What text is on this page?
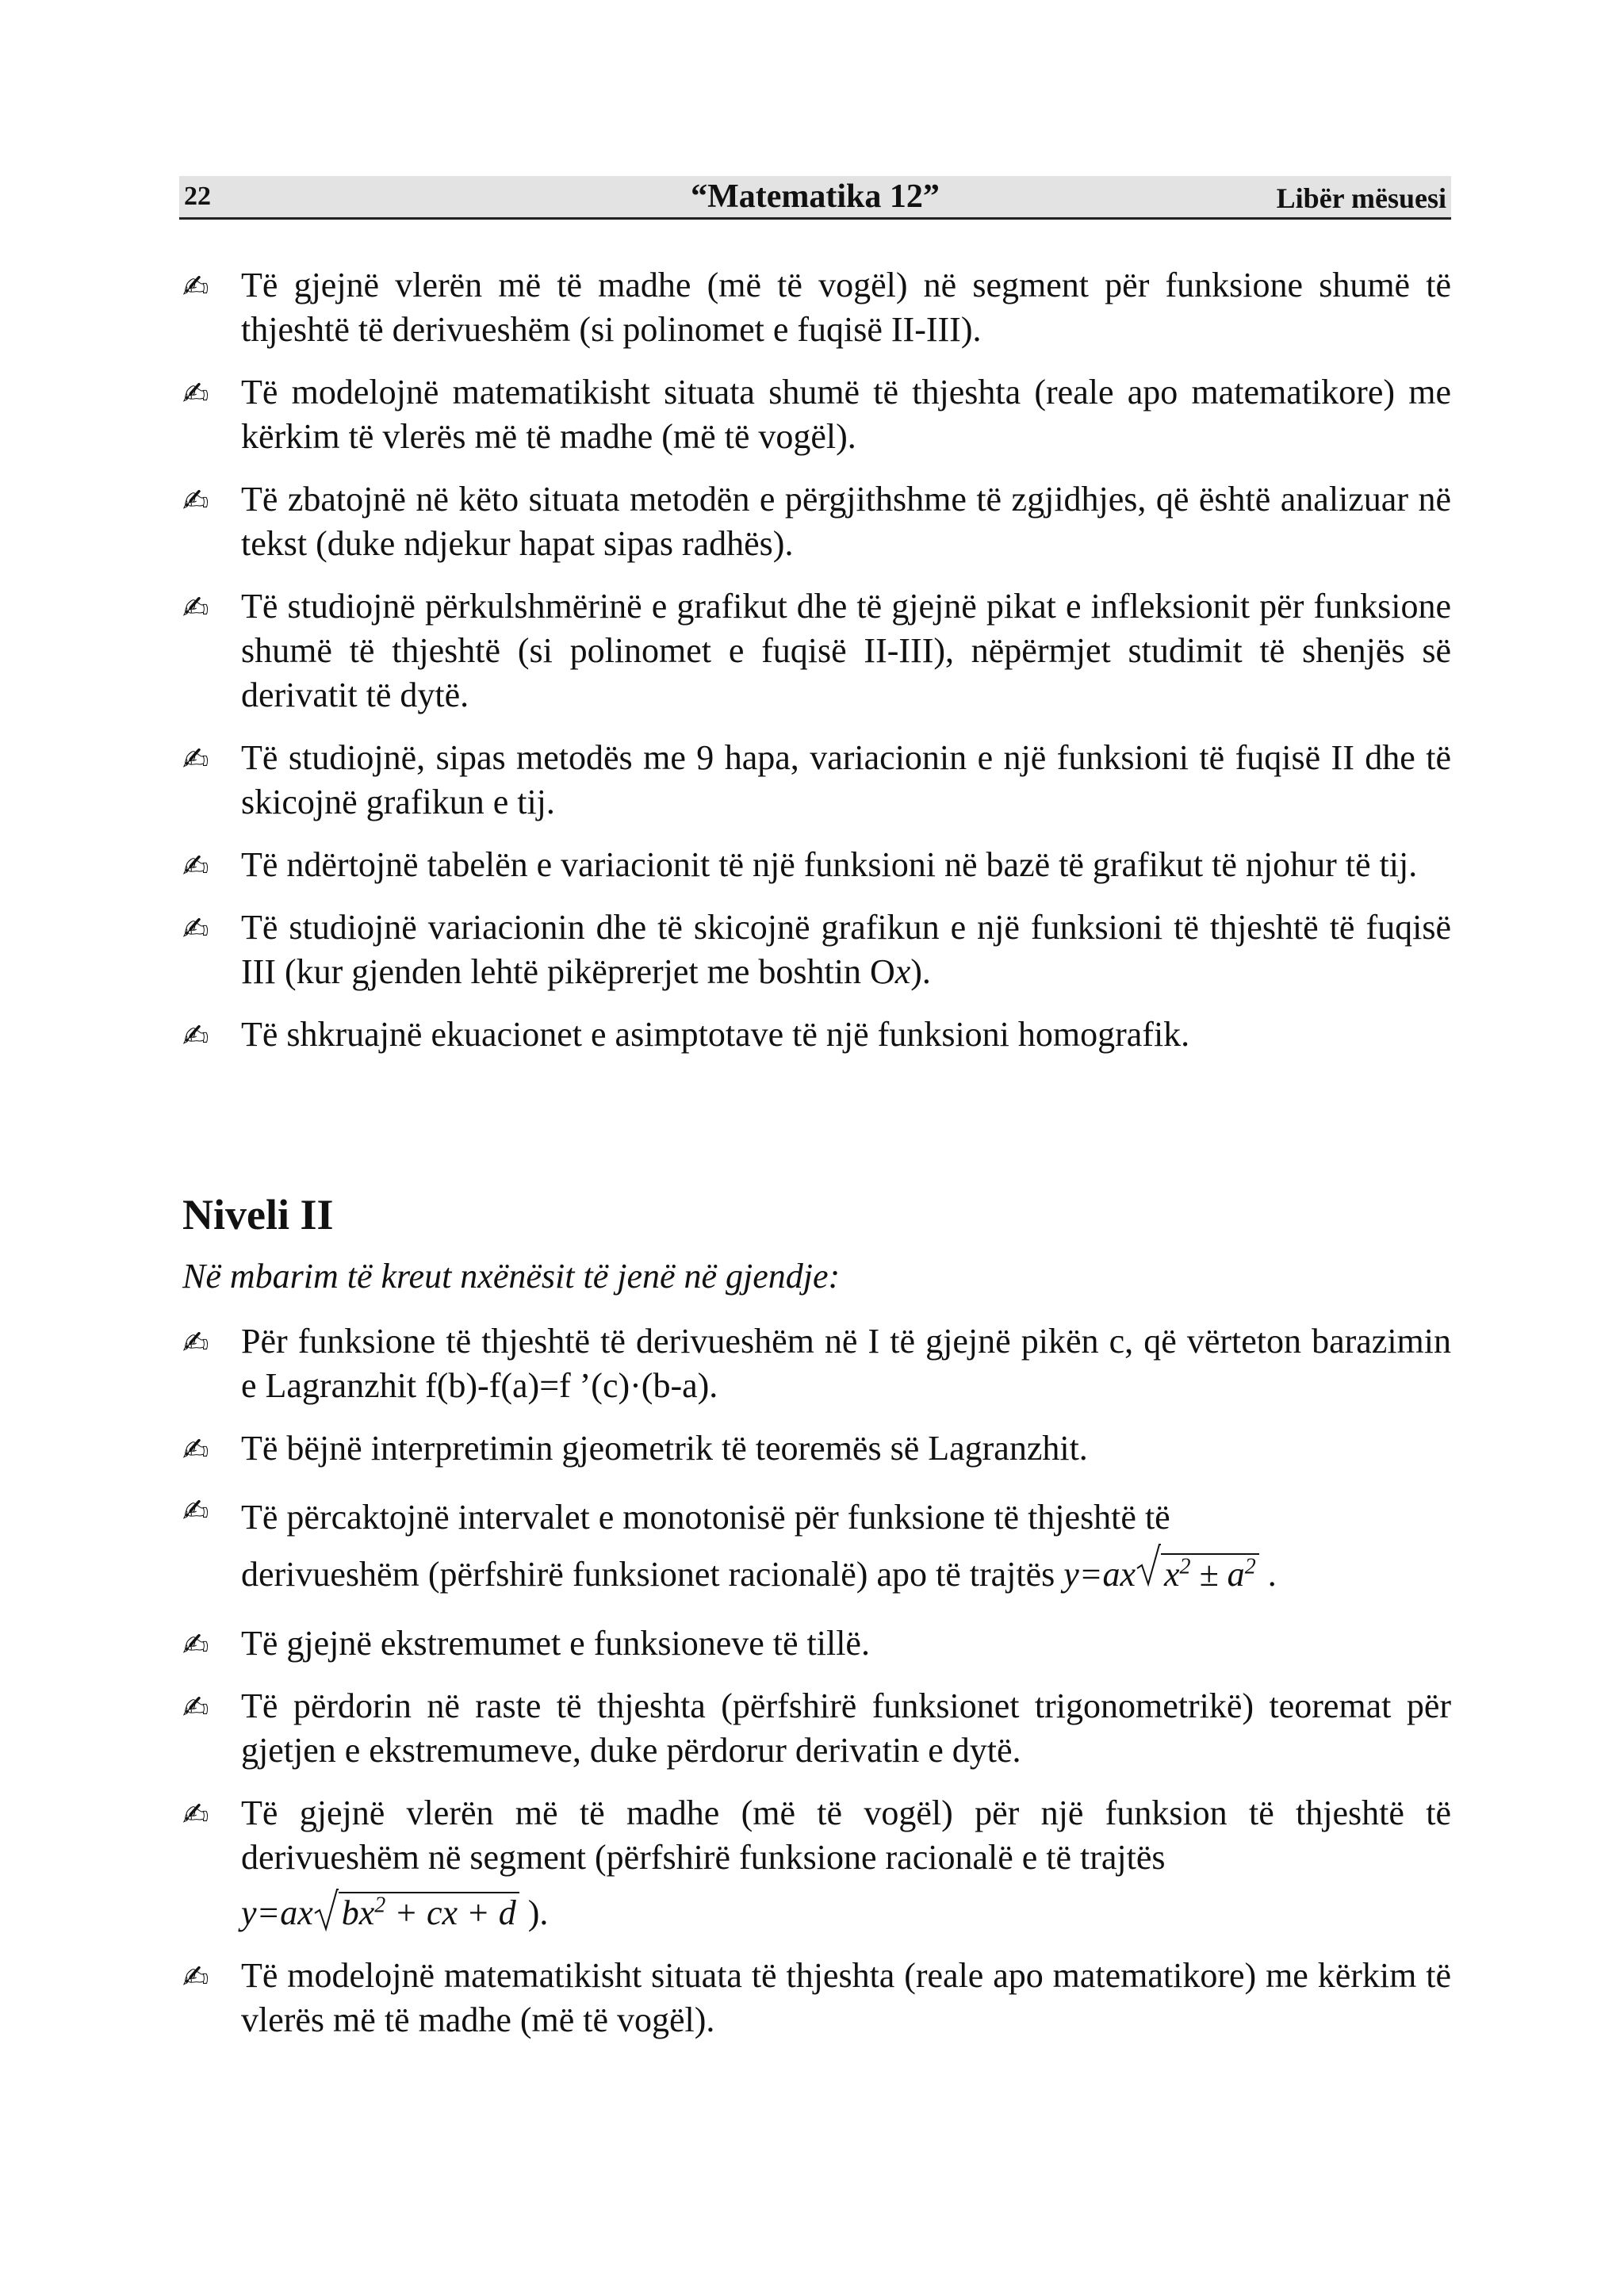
22	“Matematika 12”	Libër mësuesi
✍ Të gjejnë vlerën më të madhe (më të vogël) në segment për funksione shumë të thjeshtë të derivueshëm (si polinomet e fuqisë II-III).
✍ Të modelojnë matematikisht situata shumë të thjeshta (reale apo matematikore) me kërkim të vlerës më të madhe (më të vogël).
✍ Të zbatojnë në këto situata metodën e përgjithshme të zgjidhjes, që është analizuar në tekst (duke ndjekur hapat sipas radhës).
✍ Të studiojnë përkulshmërinë e grafikut dhe të gjejnë pikat e infleksionit për funksione shumë të thjeshtë (si polinomet e fuqisë II-III), nëpërmjet studimit të shenjës së derivatit të dytë.
✍ Të studiojnë, sipas metodës me 9 hapa, variacionin e një funksioni të fuqisë II dhe të skicojnë grafikun e tij.
✍ Të ndërtojnë tabelën e variacionit të një funksioni në bazë të grafikut të njohur të tij.
✍ Të studiojnë variacionin dhe të skicojnë grafikun e një funksioni të thjeshtë të fuqisë III (kur gjenden lehtë pikëprerjet me boshtin Ox).
✍ Të shkruajnë ekuacionet e asimptotave të një funksioni homografik.
Niveli II
Në mbarim të kreut nxënësit të jenë në gjendje:
✍ Për funksione të thjeshtë të derivueshëm në I të gjejnë pikën c, që vërteton barazimin e Lagranzhit f(b)-f(a)=f ’(c)·(b-a).
✍ Të bëjnë interpretimin gjeometrik të teoremës së Lagranzhit.
✍ Të përcaktojnë intervalet e monotonisë për funksione të thjeshtë të
derivueshëm (përfshirë funksionet racionalë) apo të trajtës y=ax $x^2 \pm a^2$ .
✍ Të gjejnë ekstremumet e funksioneve të tillë.
✍ Të përdorin në raste të thjeshta (përfshirë funksionet trigonometrikë) teoremat për gjetjen e ekstremumeve, duke përdorur derivatin e dytë.
✍ Të gjejnë vlerën më të madhe (më të vogël) për një funksion të thjeshtë të derivueshëm në segment (përfshirë funksione racionalë e të trajtës
y=ax $bx^2$ + cx + d ).
✍ Të modelojnë matematikisht situata të thjeshta (reale apo matematikore) me kërkim të vlerës më të madhe (më të vogël).
